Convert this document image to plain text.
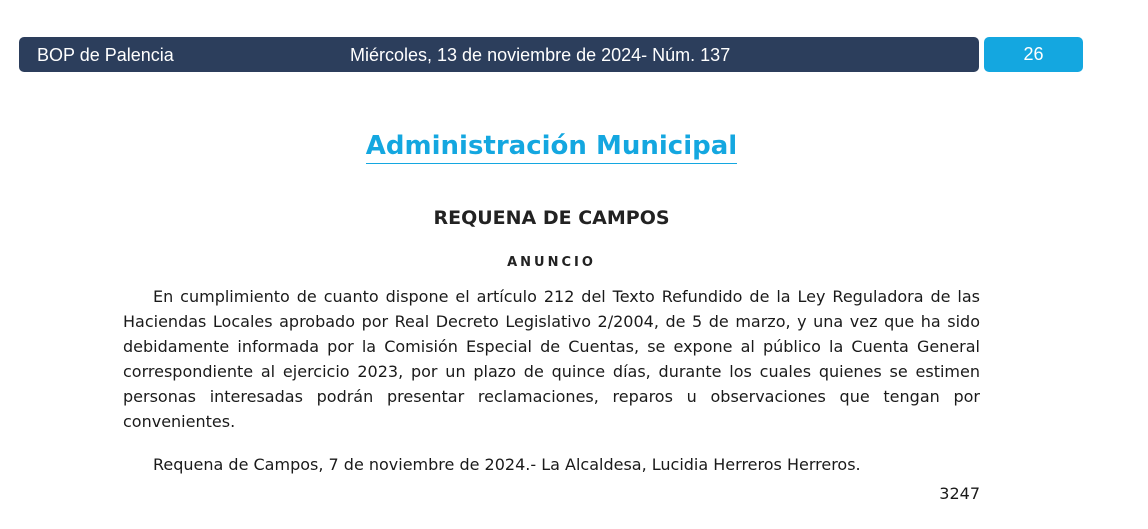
BOP de Palencia	Miércoles, 13 de noviembre de 2024- Núm. 137	26
Administración Municipal
REQUENA DE CAMPOS
ANUNCIO

En cumplimiento de cuanto dispone el artículo 212 del Texto Refundido de la Ley Reguladora de las Haciendas Locales aprobado por Real Decreto Legislativo 2/2004, de 5 de marzo, y una vez que ha sido debidamente informada por la Comisión Especial de Cuentas, se expone al público la Cuenta General correspondiente al ejercicio 2023, por un plazo de quince días, durante los cuales quienes se estimen personas interesadas podrán presentar reclamaciones, reparos u observaciones que tengan por convenientes.

Requena de Campos, 7 de noviembre de 2024.- La Alcaldesa, Lucidia Herreros Herreros.

3247
